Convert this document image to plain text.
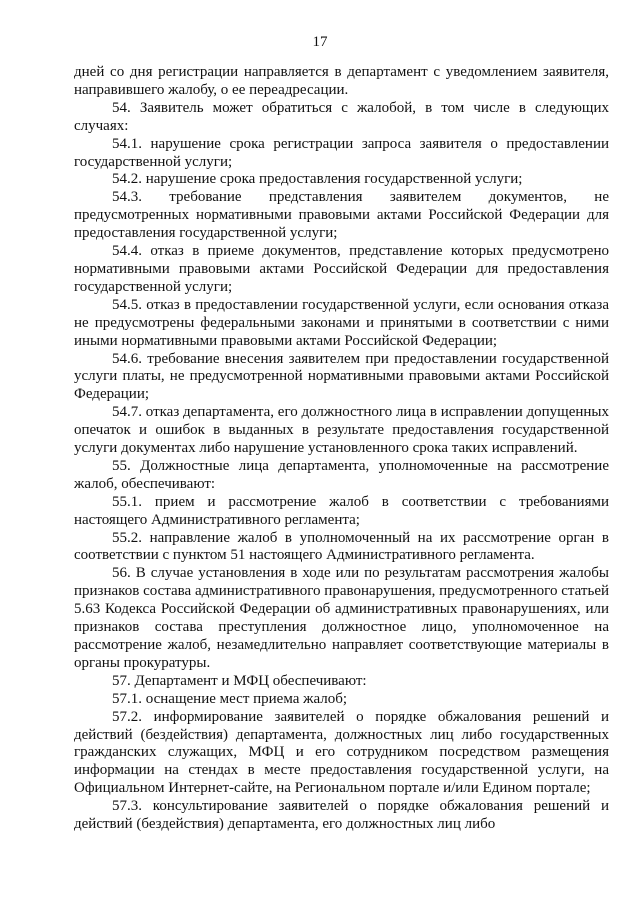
17

дней со дня регистрации направляется в департамент с уведомлением заявителя, направившего жалобу, о ее переадресации.

54. Заявитель может обратиться с жалобой, в том числе в следующих случаях:

54.1. нарушение срока регистрации запроса заявителя о предоставлении государственной услуги;

54.2. нарушение срока предоставления государственной услуги;

54.3. требование представления заявителем документов, не предусмотренных нормативными правовыми актами Российской Федерации для предоставления государственной услуги;

54.4. отказ в приеме документов, представление которых предусмотрено нормативными правовыми актами Российской Федерации для предоставления государственной услуги;

54.5. отказ в предоставлении государственной услуги, если основания отказа не предусмотрены федеральными законами и принятыми в соответствии с ними иными нормативными правовыми актами Российской Федерации;

54.6. требование внесения заявителем при предоставлении государственной услуги платы, не предусмотренной нормативными правовыми актами Российской Федерации;

54.7. отказ департамента, его должностного лица в исправлении допущенных опечаток и ошибок в выданных в результате предоставления государственной услуги документах либо нарушение установленного срока таких исправлений.

55. Должностные лица департамента, уполномоченные на рассмотрение жалоб, обеспечивают:

55.1. прием и рассмотрение жалоб в соответствии с требованиями настоящего Административного регламента;

55.2. направление жалоб в уполномоченный на их рассмотрение орган в соответствии с пунктом 51 настоящего Административного регламента.

56. В случае установления в ходе или по результатам рассмотрения жалобы признаков состава административного правонарушения, предусмотренного статьей 5.63 Кодекса Российской Федерации об административных правонарушениях, или признаков состава преступления должностное лицо, уполномоченное на рассмотрение жалоб, незамедлительно направляет соответствующие материалы в органы прокуратуры.

57. Департамент и МФЦ обеспечивают:

57.1. оснащение мест приема жалоб;

57.2. информирование заявителей о порядке обжалования решений и действий (бездействия) департамента, должностных лиц либо государственных гражданских служащих, МФЦ и его сотрудником посредством размещения информации на стендах в месте предоставления государственной услуги, на Официальном Интернет-сайте, на Региональном портале и/или Едином портале;

57.3. консультирование заявителей о порядке обжалования решений и действий (бездействия) департамента, его должностных лиц либо
